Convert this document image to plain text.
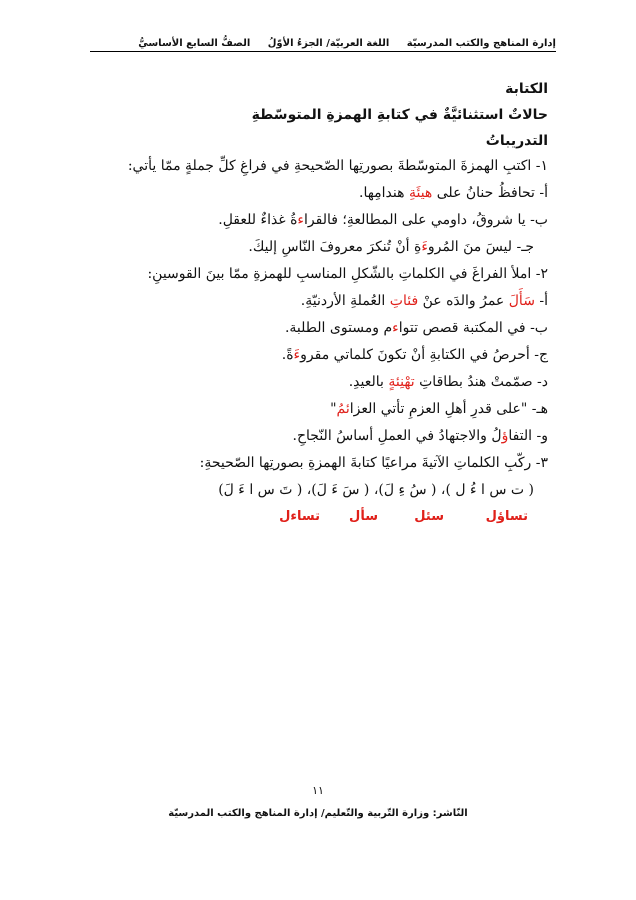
إدارة المناهج والكتب المدرسيّة اللغة العربيّة/ الجزءُ الأوّلُ الصفُّ السابع الأساسيُّ
الكتابة
حالاتٌ استثنائيَّةٌ في كتابةِ الهمزةِ المتوسّطةِ
التدريباتُ
١- اكتبِ الهمزةَ المتوسّطةَ بصورتِها الصّحيحةِ في فراغِ كلِّ جملةٍ ممّا يأتي:
أ- تحافظُ حنانُ على هيئَةِ هندامِها.
ب- يا شروقُ، داومي على المطالعةِ؛ فالقراءةُ غذاءٌ للعقلِ.
جـ- ليسَ منَ المُروءَةِ أنْ تُنكرَ معروفَ النّاسِ إليكَ.
٢- املأ الفراغَ في الكلماتِ بالشّكلِ المناسبِ للهمزةِ ممّا بينَ القوسينِ:
أ- سَأَلَ عمرُ والدَه عنْ فئاتِ العُملةِ الأردنيّةِ.
ب- في المكتبة قصص تتواءم ومستوى الطلبة.
ج- أحرصُ في الكتابةِ أنْ تكونَ كلماتي مقروءَةً.
د- صمّمتْ هندُ بطاقاتِ تهْنِئةٍ بالعيدِ.
هـ- "على قدرِ أهلِ العزمِ تأتي العزائمُ"
و- التفاؤلُ والاجتهادُ في العملِ أساسُ النّجاحِ.
٣- ركّبِ الكلماتِ الآتيةَ مراعيًا كتابةَ الهمزةِ بصورتِها الصّحيحةِ:
( ت س ا ءُ ل )، ( سُ ءِ لَ)، ( سَ ءَ لَ)، ( تَ س ا ءَ لَ)
تساؤل
سئل
سأل
تساءل
١١
النّاشر: وزارة التّربية والتّعليم/ إدارة المناهج والكتب المدرسيّة
